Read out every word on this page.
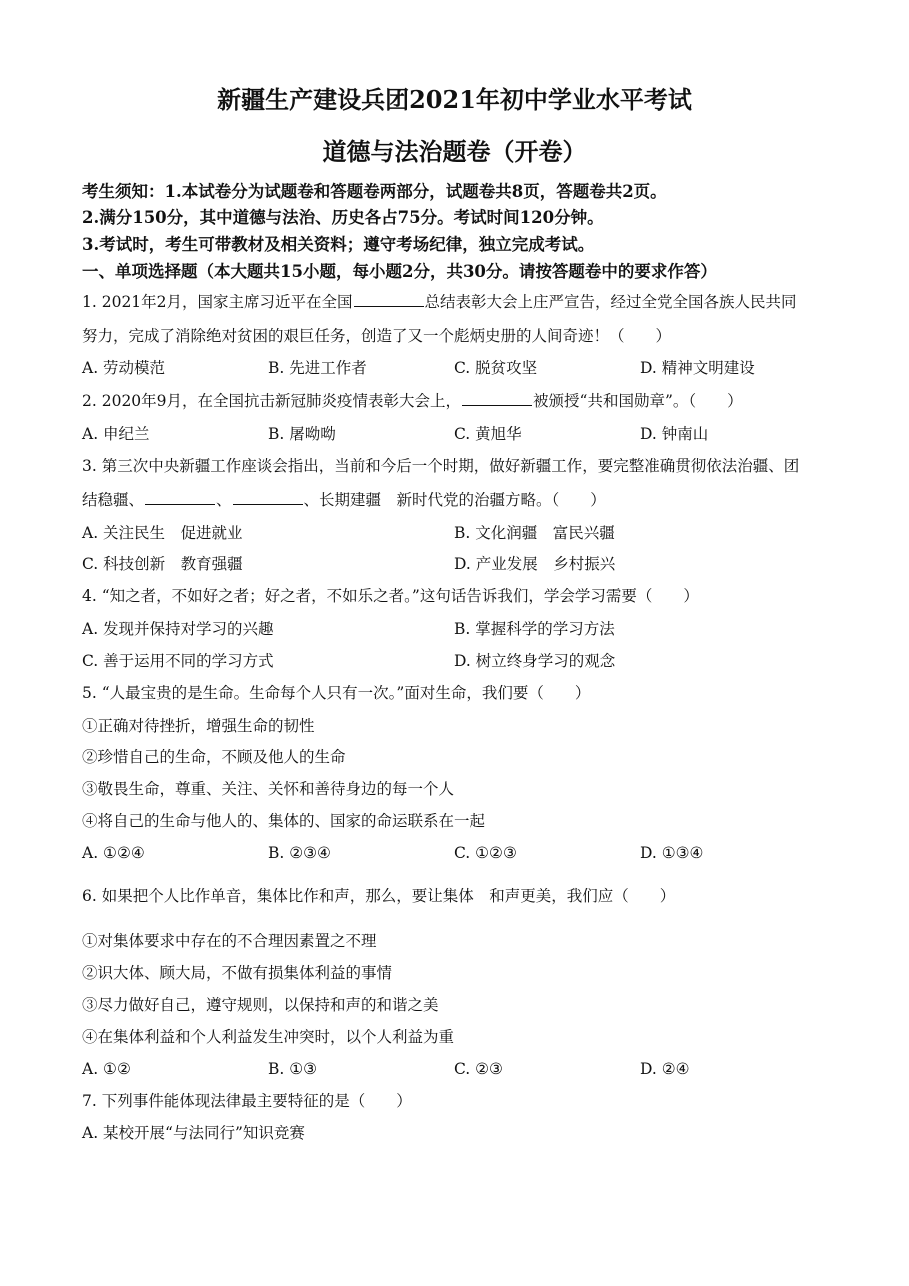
新疆生产建设兵团2021年初中学业水平考试
道德与法治题卷（开卷）
考生须知：1.本试卷分为试题卷和答题卷两部分，试题卷共8页，答题卷共2页。
2.满分150分，其中道德与法治、历史各占75分。考试时间120分钟。
3.考试时，考生可带教材及相关资料；遵守考场纪律，独立完成考试。
一、单项选择题（本大题共15小题，每小题2分，共30分。请按答题卷中的要求作答）
1. 2021年2月，国家主席习近平在全国	总结表彰大会上庄严宣告，经过全党全国各族人民共同
努力，完成了消除绝对贫困的艰巨任务，创造了又一个彪炳史册的人间奇迹！（　　）
A. 劳动模范	B. 先进工作者	C. 脱贫攻坚	D. 精神文明建设
2. 2020年9月，在全国抗击新冠肺炎疫情表彰大会上，	被颁授“共和国勋章”。（　　）
A. 申纪兰	B. 屠呦呦	C. 黄旭华	D. 钟南山
3. 第三次中央新疆工作座谈会指出，当前和今后一个时期，做好新疆工作，要完整准确贯彻依法治疆、团
结稳疆、	、	、长期建疆　新时代党的治疆方略。（　　）
A. 关注民生　促进就业	B. 文化润疆　富民兴疆
C. 科技创新　教育强疆	D. 产业发展　乡村振兴
4. “知之者，不如好之者；好之者，不如乐之者。”这句话告诉我们，学会学习需要（　　）
A. 发现并保持对学习的兴趣	B. 掌握科学的学习方法
C. 善于运用不同的学习方式	D. 树立终身学习的观念
5. “人最宝贵的是生命。生命每个人只有一次。”面对生命，我们要（　　）
①正确对待挫折，增强生命的韧性
②珍惜自己的生命，不顾及他人的生命
③敬畏生命，尊重、关注、关怀和善待身边的每一个人
④将自己的生命与他人的、集体的、国家的命运联系在一起
A. ①②④	B. ②③④	C. ①②③	D. ①③④
6. 如果把个人比作单音，集体比作和声，那么，要让集体　和声更美，我们应（　　）
①对集体要求中存在的不合理因素置之不理
②识大体、顾大局，不做有损集体利益的事情
③尽力做好自己，遵守规则，以保持和声的和谐之美
④在集体利益和个人利益发生冲突时，以个人利益为重
A. ①②	B. ①③	C. ②③	D. ②④
7. 下列事件能体现法律最主要特征的是（　　）
A. 某校开展“与法同行”知识竞赛
